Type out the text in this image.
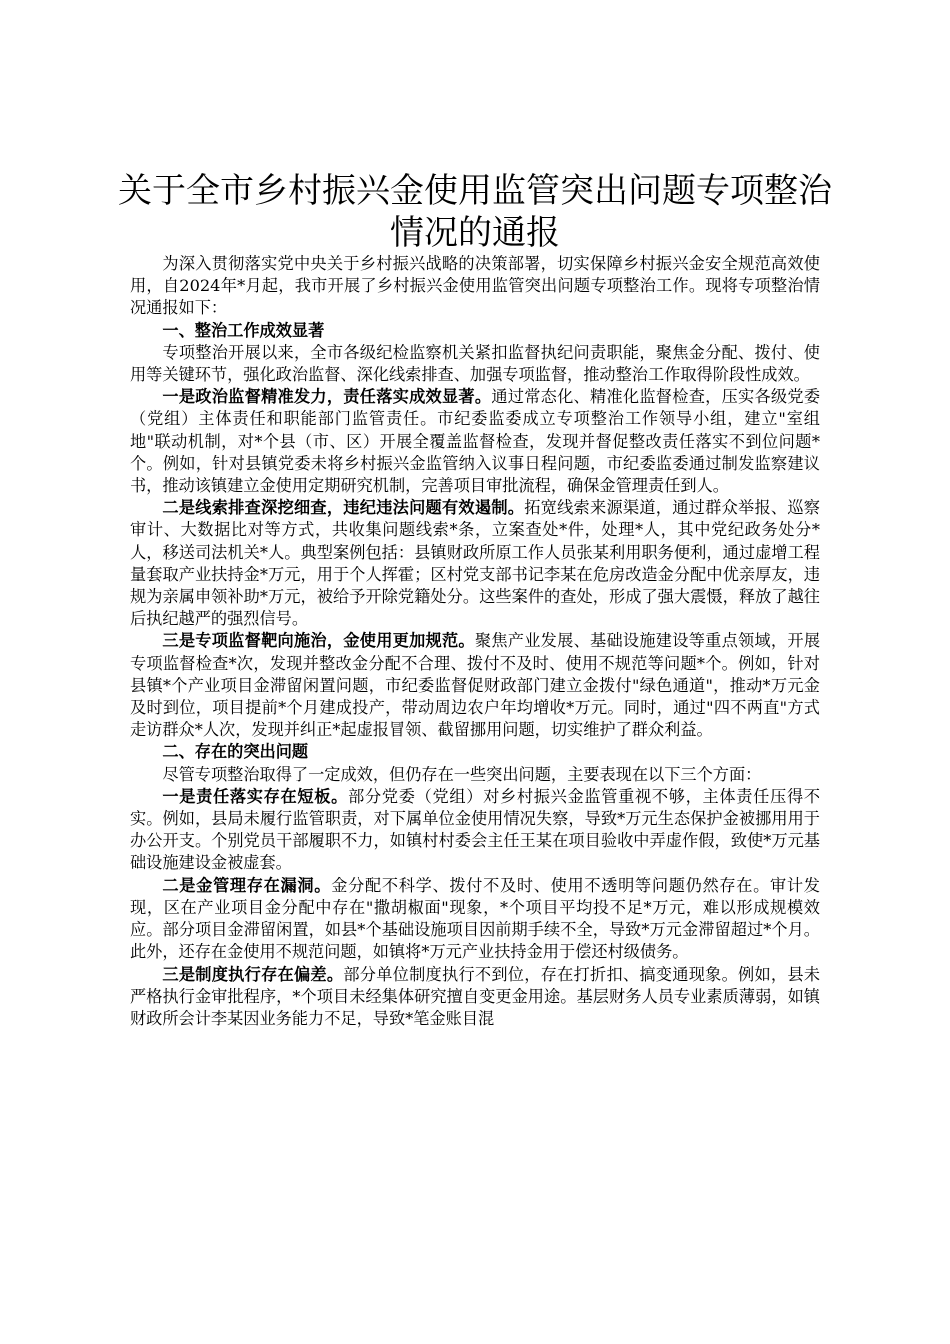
关于全市乡村振兴金使用监管突出问题专项整治情况的通报

为深入贯彻落实党中央关于乡村振兴战略的决策部署，切实保障乡村振兴金安全规范高效使用，自2024年*月起，我市开展了乡村振兴金使用监管突出问题专项整治工作。现将专项整治情况通报如下：

一、整治工作成效显著

专项整治开展以来，全市各级纪检监察机关紧扣监督执纪问责职能，聚焦金分配、拨付、使用等关键环节，强化政治监督、深化线索排查、加强专项监督，推动整治工作取得阶段性成效。

一是政治监督精准发力，责任落实成效显著。通过常态化、精准化监督检查，压实各级党委（党组）主体责任和职能部门监管责任。市纪委监委成立专项整治工作领导小组，建立"室组地"联动机制，对*个县（市、区）开展全覆盖监督检查，发现并督促整改责任落实不到位问题*个。例如，针对县镇党委未将乡村振兴金监管纳入议事日程问题，市纪委监委通过制发监察建议书，推动该镇建立金使用定期研究机制，完善项目审批流程，确保金管理责任到人。

二是线索排查深挖细查，违纪违法问题有效遏制。拓宽线索来源渠道，通过群众举报、巡察审计、大数据比对等方式，共收集问题线索*条，立案查处*件，处理*人，其中党纪政务处分*人，移送司法机关*人。典型案例包括：县镇财政所原工作人员张某利用职务便利，通过虚增工程量套取产业扶持金*万元，用于个人挥霍；区村党支部书记李某在危房改造金分配中优亲厚友，违规为亲属申领补助*万元，被给予开除党籍处分。这些案件的查处，形成了强大震慑，释放了越往后执纪越严的强烈信号。

三是专项监督靶向施治，金使用更加规范。聚焦产业发展、基础设施建设等重点领域，开展专项监督检查*次，发现并整改金分配不合理、拨付不及时、使用不规范等问题*个。例如，针对县镇*个产业项目金滞留闲置问题，市纪委监督促财政部门建立金拨付"绿色通道"，推动*万元金及时到位，项目提前*个月建成投产，带动周边农户年均增收*万元。同时，通过"四不两直"方式走访群众*人次，发现并纠正*起虚报冒领、截留挪用问题，切实维护了群众利益。

二、存在的突出问题

尽管专项整治取得了一定成效，但仍存在一些突出问题，主要表现在以下三个方面：

一是责任落实存在短板。部分党委（党组）对乡村振兴金监管重视不够，主体责任压得不实。例如，县局未履行监管职责，对下属单位金使用情况失察，导致*万元生态保护金被挪用用于办公开支。个别党员干部履职不力，如镇村村委会主任王某在项目验收中弄虚作假，致使*万元基础设施建设金被虚套。

二是金管理存在漏洞。金分配不科学、拨付不及时、使用不透明等问题仍然存在。审计发现，区在产业项目金分配中存在"撒胡椒面"现象，*个项目平均投不足*万元，难以形成规模效应。部分项目金滞留闲置，如县*个基础设施项目因前期手续不全，导致*万元金滞留超过*个月。此外，还存在金使用不规范问题，如镇将*万元产业扶持金用于偿还村级债务。

三是制度执行存在偏差。部分单位制度执行不到位，存在打折扣、搞变通现象。例如，县未严格执行金审批程序，*个项目未经集体研究擅自变更金用途。基层财务人员专业素质薄弱，如镇财政所会计李某因业务能力不足，导致*笔金账目混
